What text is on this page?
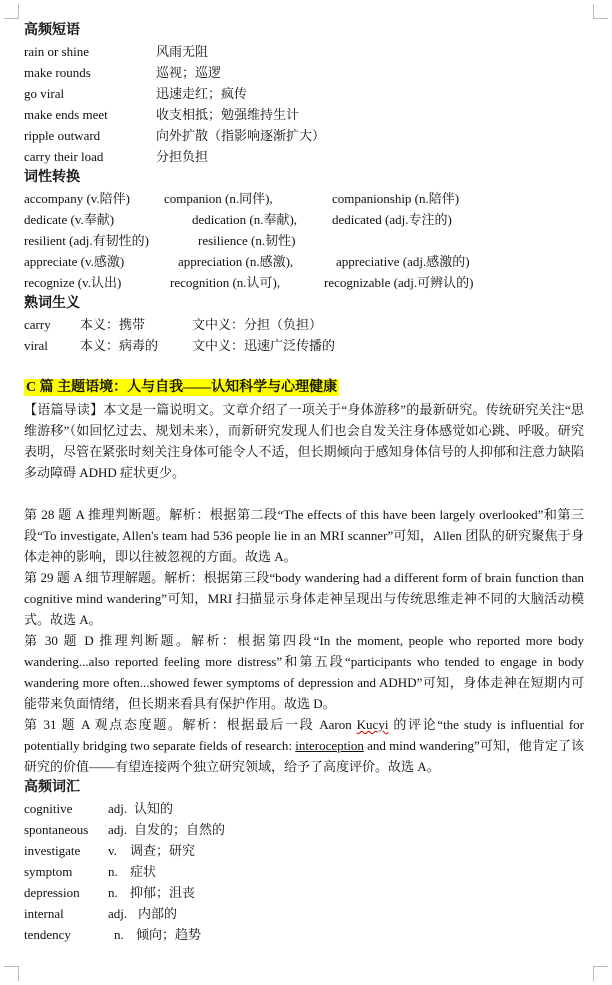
高频短语
rain or shine	风雨无阻
make rounds	巡视；巡逻
go viral	迅速走红；疯传
make ends meet	收支相抵；勉强维持生计
ripple outward	向外扩散（指影响逐渐扩大）
carry their load	分担负担
词性转换
accompany (v.陪伴)	companion (n.同伴),	companionship (n.陪伴)
dedicate (v.奉献)	dedication (n.奉献),	dedicated (adj.专注的)
resilient (adj.有韧性的)	resilience (n.韧性)
appreciate (v.感激)	appreciation (n.感激),	appreciative (adj.感激的)
recognize (v.认出)	recognition (n.认可),	recognizable (adj.可辨认的)
熟词生义
carry	本义：携带	文中义：分担（负担）
viral	本义：病毒的	文中义：迅速广泛传播的
C 篇 主题语境：人与自我——认知科学与心理健康

【语篇导读】本文是一篇说明文。文章介绍了一项关于“身体游移”的最新研究。传统研究关注“思维游移”（如回忆过去、规划未来），而新研究发现人们也会自发关注身体感觉如心跳、呼吸。研究表明，尽管在紧张时刻关注身体可能令人不适，但长期倾向于感知身体信号的人抑郁和注意力缺陷多动障碍 ADHD 症状更少。

第 28 题 A 推理判断题。解析：根据第二段“The effects of this have been largely overlooked”和第三段“To investigate, Allen's team had 536 people lie in an MRI scanner”可知，Allen 团队的研究聚焦于身体走神的影响，即以往被忽视的方面。故选 A。

第 29 题 A 细节理解题。解析：根据第三段“body wandering had a different form of brain function than cognitive mind wandering”可知，MRI 扫描显示身体走神呈现出与传统思维走神不同的大脑活动模式。故选 A。

第 30 题 D 推理判断题。解析：根据第四段“In the moment, people who reported more body wandering...also reported feeling more distress”和第五段“participants who tended to engage in body wandering more often...showed fewer symptoms of depression and ADHD”可知，身体走神在短期内可能带来负面情绪，但长期来看具有保护作用。故选 D。

第 31 题 A 观点态度题。解析：根据最后一段 Aaron Kucyi 的评论“the study is influential for potentially bridging two separate fields of research: interoception and mind wandering”可知，他肯定了该研究的价值——有望连接两个独立研究领域，给予了高度评价。故选 A。

高频词汇
cognitive	adj. 认知的
spontaneous	adj. 自发的；自然的
investigate	v.	调查；研究
symptom	n. 症状
depression	n. 抑郁；沮丧
internal	adj. 内部的
tendency	n. 倾向；趋势
